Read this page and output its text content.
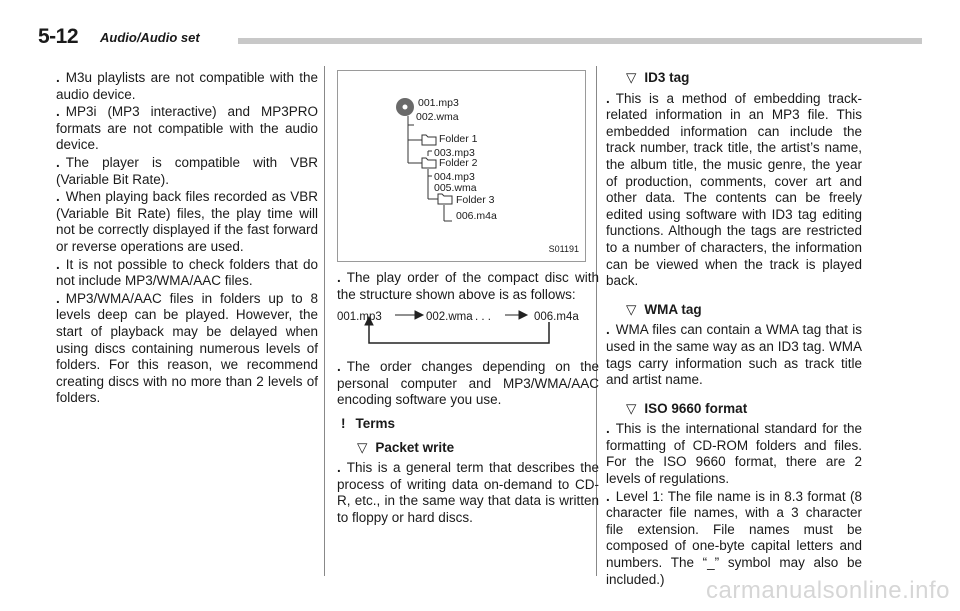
5-12 Audio/Audio set

. M3u playlists are not compatible with the audio device.

. MP3i (MP3 interactive) and MP3PRO formats are not compatible with the audio device.

. The player is compatible with VBR (Variable Bit Rate).

. When playing back files recorded as VBR (Variable Bit Rate) files, the play time will not be correctly displayed if the fast forward or reverse operations are used.

. It is not possible to check folders that do not include MP3/WMA/AAC files.

. MP3/WMA/AAC files in folders up to 8 levels deep can be played. However, the start of playback may be delayed when using discs containing numerous levels of folders. For this reason, we recommend creating discs with no more than 2 levels of folders.

001.mp3
002.wma
Folder 1
003.mp3
Folder 2
004.mp3
005.wma
Folder 3
006.m4a
S01191

. The play order of the compact disc with the structure shown above is as follows:

001.mp3	002.wma . . .	006.m4a

. The order changes depending on the personal computer and MP3/WMA/AAC encoding software you use.

! Terms

▽ Packet write

. This is a general term that describes the process of writing data on-demand to CD-R, etc., in the same way that data is written to floppy or hard discs.

▽ ID3 tag

. This is a method of embedding track-related information in an MP3 file. This embedded information can include the track number, track title, the artist’s name, the album title, the music genre, the year of production, comments, cover art and other data. The contents can be freely edited using software with ID3 tag editing functions. Although the tags are restricted to a number of characters, the information can be viewed when the track is played back.

▽ WMA tag

. WMA files can contain a WMA tag that is used in the same way as an ID3 tag. WMA tags carry information such as track title and artist name.

▽ ISO 9660 format

. This is the international standard for the formatting of CD-ROM folders and files. For the ISO 9660 format, there are 2 levels of regulations.

. Level 1: The file name is in 8.3 format (8 character file names, with a 3 character file extension. File names must be composed of one-byte capital letters and numbers. The “_” symbol may also be included.)	carmanualsonline.info
